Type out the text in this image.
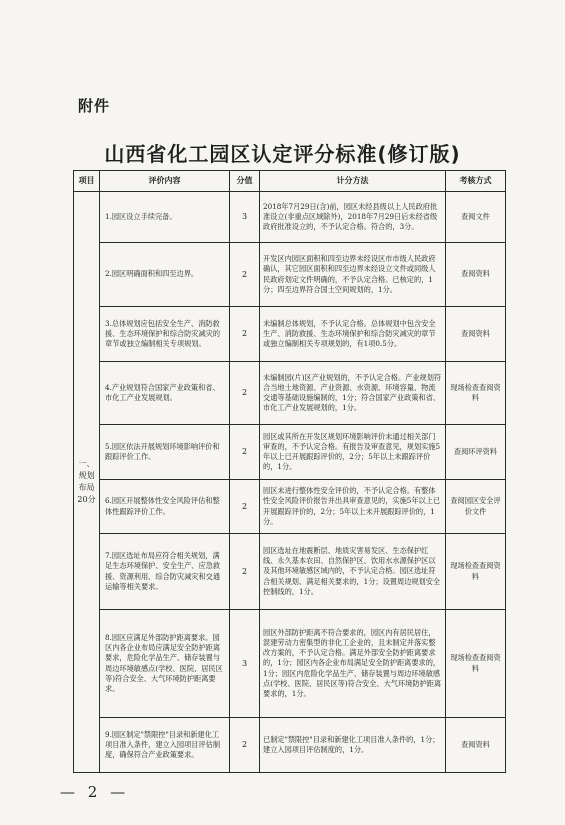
附件
山西省化工园区认定评分标准(修订版)
项目	评价内容	分值	计分方法	考核方式
一、规划布局20分	1.园区设立手续完备。	3	2018年7月29日(含)前，园区未经县级以上人民政府批准设立(非重点区域除外)，2018年7月29日后未经省级政府批准设立的，不予认定合格。符合的，3分。	查阅文件
	2.园区明确面积和四至边界。	2	开发区内园区面积和四至边界未经设区市市级人民政府确认，其它园区面积和四至边界未经设立文件或同级人民政府划定文件明确的，不予认定合格。已核定的，1分；四至边界符合国土空间规划的，1分。	查阅资料
	3.总体规划应包括安全生产、消防救援、生态环境保护和综合防灾减灾的章节或独立编制相关专项规划。	2	未编制总体规划，不予认定合格。总体规划中包含安全生产、消防救援、生态环境保护和综合防灾减灾的章节或独立编制相关专项规划的，有1项0.5分。	查阅资料
	4.产业规划符合国家产业政策和省、市化工产业发展规划。	2	未编制园(片)区产业规划的，不予认定合格。产业规划符合当地土地资源、产业资源、水资源、环境容量、物流交通等基础设施编制的，1分；符合国家产业政策和省、市化工产业发展规划的，1分。	现场检查查阅资料
	5.园区依法开展规划环境影响评价和跟踪评价工作。	2	园区或其所在开发区规划环境影响评价未通过相关部门审查的，不予认定合格。有报告及审查意见，规划实施5年以上已开展跟踪评价的，2分；5年以上未跟踪评价的，1分。	查阅环评资料
	6.园区开展整体性安全风险评估和整体性跟踪评价工作。	2	园区未进行整体性安全评价的，不予认定合格。有整体性安全风险评价报告并出具审查意见的，实施5年以上已开展跟踪评价的，2分；5年以上未开展跟踪评价的，1分。	查阅园区安全评价文件
	7.园区选址布局应符合相关规划，满足生态环境保护、安全生产、应急救援、资源利用、综合防灾减灾和交通运输等相关要求。	2	园区选址在地震断层、地质灾害易发区、生态保护红线、永久基本农田、自然保护区、饮用水水源保护区以及其他环境敏感区域内的，不予认定合格。园区选址符合相关规划、满足相关要求的，1分；设置周边规划安全控制线的，1分。	现场检查查阅资料
	8.园区应满足外部防护距离要求。园区内各企业布局应满足安全防护距离要求，危险化学品生产、储存装置与周边环境敏感点(学校、医院、居民区等)符合安全、大气环境防护距离要求。	3	园区外部防护距离不符合要求的，园区内有居民居住，混建劳动力密集型的非化工企业的，且未制定并落实整改方案的，不予认定合格。满足外部安全防护距离要求的，1分；园区内各企业布局满足安全防护距离要求的，1分；园区内危险化学品生产、储存装置与周边环境敏感点(学校、医院、居民区等)符合安全、大气环境防护距离要求的，1分。	现场检查查阅资料
	9.园区制定"禁限控"目录和新建化工项目准入条件，建立入园项目评估制度，确保符合产业政策要求。	2	已制定"禁限控"目录和新建化工项目准入条件的，1分；建立入园项目评估制度的，1分。	查阅资料
— 2 —
